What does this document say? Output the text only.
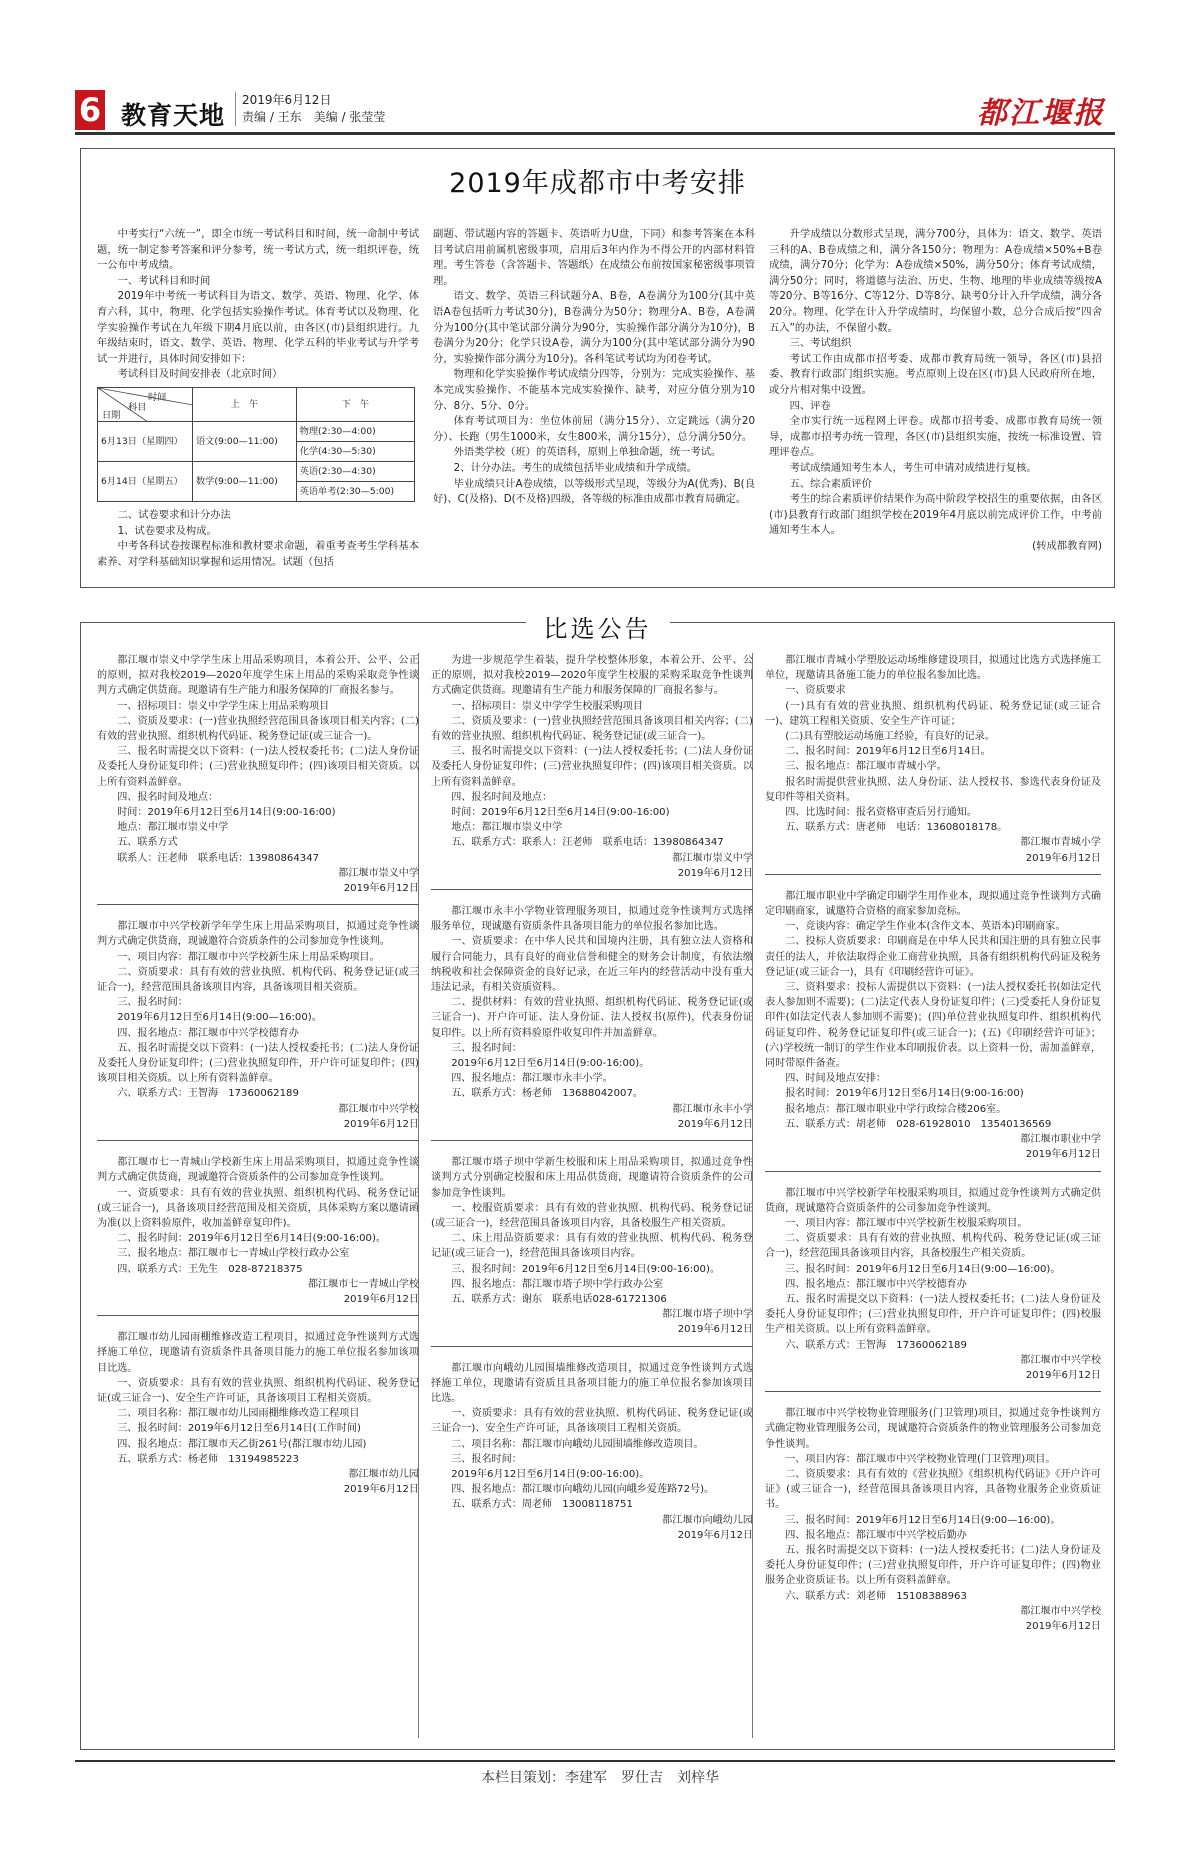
6 教育天地
2019年6月12日
责编 / 王东　美编 / 张莹莹	都江堰报
2019年成都市中考安排

中考实行“六统一”，即全市统一考试科目和时间，统一命制中考试题，统一制定参考答案和评分参考，统一考试方式，统一组织评卷，统一公布中考成绩。

一、考试科目和时间

2019年中考统一考试科目为语文、数学、英语、物理、化学、体育六科，其中，物理、化学包括实验操作考试。体育考试以及物理、化学实验操作考试在九年级下期4月底以前，由各区(市)县组织进行。九年级结束时，语文、数学、英语、物理、化学五科的毕业考试与升学考试一并进行，具体时间安排如下：

考试科目及时间安排表（北京时间）

时间
科目
日期	上　午	下　午
6月13日（星期四）	语文(9:00—11:00)	物理(2:30—4:00)
		化学(4:30—5:30)
6月14日（星期五）	数学(9:00—11:00)	英语(2:30—4:30)
		英语单考(2:30—5:00)

二、试卷要求和计分办法

1、试卷要求及构成。

中考各科试卷按课程标准和教材要求命题，着重考查考生学科基本素养、对学科基础知识掌握和运用情况。试题（包括

副题、带试题内容的答题卡、英语听力U盘，下同）和参考答案在本科目考试启用前属机密级事项，启用后3年内作为不得公开的内部材料管理。考生答卷（含答题卡、答题纸）在成绩公布前按国家秘密级事项管理。

语文、数学、英语三科试题分A、B卷，A卷满分为100分(其中英语A卷包括听力考试30分)，B卷满分为50分；物理分A、B卷，A卷满分为100分(其中笔试部分满分为90分，实验操作部分满分为10分)，B卷满分为20分；化学只设A卷，满分为100分(其中笔试部分满分为90分，实验操作部分满分为10分)。各科笔试考试均为闭卷考试。

物理和化学实验操作考试成绩分四等，分别为：完成实验操作、基本完成实验操作、不能基本完成实验操作、缺考，对应分值分别为10分、8分、5分、0分。

体育考试项目为：坐位体前屈（满分15分）、立定跳远（满分20分）、长跑（男生1000米，女生800米，满分15分），总分满分50分。

外语类学校（班）的英语科，原则上单独命题，统一考试。

2、计分办法。考生的成绩包括毕业成绩和升学成绩。

毕业成绩只计A卷成绩，以等级形式呈现，等级分为A(优秀)、B(良好)、C(及格)、D(不及格)四级，各等级的标准由成都市教育局确定。

升学成绩以分数形式呈现，满分700分，具体为：语文、数学、英语三科的A、B卷成绩之和，满分各150分；物理为：A卷成绩×50%+B卷成绩，满分70分；化学为：A卷成绩×50%，满分50分；体育考试成绩，满分50分；同时，将道德与法治、历史、生物、地理的毕业成绩等级按A等20分、B等16分、C等12分、D等8分、缺考0分计入升学成绩，满分各20分。物理、化学在计入升学成绩时，均保留小数，总分合成后按“四舍五入”的办法，不保留小数。

三、考试组织

考试工作由成都市招考委、成都市教育局统一领导，各区(市)县招委、教育行政部门组织实施。考点原则上设在区(市)县人民政府所在地，或分片相对集中设置。

四、评卷

全市实行统一远程网上评卷。成都市招考委、成都市教育局统一领导，成都市招考办统一管理，各区(市)县组织实施，按统一标准设置、管理评卷点。

考试成绩通知考生本人，考生可申请对成绩进行复核。

五、综合素质评价

考生的综合素质评价结果作为高中阶段学校招生的重要依据，由各区(市)县教育行政部门组织学校在2019年4月底以前完成评价工作，中考前通知考生本人。

(转成都教育网)

比选公告

都江堰市崇义中学学生床上用品采购项目，本着公开、公平、公正的原则，拟对我校2019—2020年度学生床上用品的采购采取竞争性谈判方式确定供货商。现邀请有生产能力和服务保障的厂商报名参与。

一、招标项目：崇义中学学生床上用品采购项目

二、资质及要求：(一)营业执照经营范围具备该项目相关内容；(二)有效的营业执照、组织机构代码证、税务登记证(或三证合一)。

三、报名时需提交以下资料：(一)法人授权委托书；(二)法人身份证及委托人身份证复印件；(三)营业执照复印件；(四)该项目相关资质。以上所有资料盖鲜章。

四、报名时间及地点：

时间：2019年6月12日至6月14日(9:00-16:00)

地点：都江堰市崇义中学

五、联系方式

联系人：汪老师　联系电话：13980864347

都江堰市崇义中学

2019年6月12日

都江堰市中兴学校新学年学生床上用品采购项目，拟通过竞争性谈判方式确定供货商，现诚邀符合资质条件的公司参加竞争性谈判。

一、项目内容：都江堰市中兴学校新生床上用品采购项目。

二、资质要求：具有有效的营业执照、机构代码、税务登记证(或三证合一)，经营范围具备该项目内容，具备该项目相关资质。

三、报名时间：

2019年6月12日至6月14日(9:00—16:00)。

四、报名地点：都江堰市中兴学校德育办

五、报名时需提交以下资料：(一)法人授权委托书；(二)法人身份证及委托人身份证复印件；(三)营业执照复印件，开户许可证复印件；(四)该项目相关资质。以上所有资料盖鲜章。

六、联系方式：王智海　17360062189

都江堰市中兴学校

2019年6月12日

都江堰市七一青城山学校新生床上用品采购项目，拟通过竞争性谈判方式确定供货商，现诚邀符合资质条件的公司参加竞争性谈判。

一、资质要求：具有有效的营业执照、组织机构代码、税务登记证(或三证合一)，具备该项目经营范围及相关资质，具体采购方案以邀请函为准(以上资料验原件，收加盖鲜章复印件)。

二、报名时间：2019年6月12日至6月14日(9:00-16:00)。

三、报名地点：都江堰市七一青城山学校行政办公室

四、联系方式：王先生　028-87218375

都江堰市七一青城山学校

2019年6月12日

都江堰市幼儿园雨棚维修改造工程项目，拟通过竞争性谈判方式选择施工单位，现邀请有资质条件具备项目能力的施工单位报名参加该项目比选。

一、资质要求：具有有效的营业执照、组织机构代码证、税务登记证(或三证合一)、安全生产许可证，具备该项目工程相关资质。

二、项目名称：都江堰市幼儿园雨棚维修改造工程项目

三、报名时间：2019年6月12日至6月14日(工作时间)

四、报名地点：都江堰市天乙街261号(都江堰市幼儿园)

五、联系方式：杨老师　13194985223

都江堰市幼儿园

2019年6月12日

为进一步规范学生着装，提升学校整体形象，本着公开、公平、公正的原则，拟对我校2019—2020年度学生校服的采购采取竞争性谈判方式确定供货商。现邀请有生产能力和服务保障的厂商报名参与。

一、招标项目：崇义中学学生校服采购项目

二、资质及要求：(一)营业执照经营范围具备该项目相关内容；(二)有效的营业执照、组织机构代码证、税务登记证(或三证合一)。

三、报名时需提交以下资料：(一)法人授权委托书；(二)法人身份证及委托人身份证复印件；(三)营业执照复印件；(四)该项目相关资质。以上所有资料盖鲜章。

四、报名时间及地点：

时间：2019年6月12日至6月14日(9:00-16:00)

地点：都江堰市崇义中学

五、联系方式：联系人：汪老师　联系电话：13980864347

都江堰市崇义中学

2019年6月12日

都江堰市永丰小学物业管理服务项目，拟通过竞争性谈判方式选择服务单位，现诚邀有资质条件具备项目能力的单位报名参加比选。

一、资质要求：在中华人民共和国境内注册，具有独立法人资格和履行合同能力，具有良好的商业信誉和健全的财务会计制度，有依法缴纳税收和社会保障资金的良好记录，在近三年内的经营活动中没有重大违法记录，有相关资质资料。

二、提供材料：有效的营业执照、组织机构代码证、税务登记证(或三证合一)、开户许可证、法人身份证、法人授权书(原件)，代表身份证复印件。以上所有资料验原件收复印件并加盖鲜章。

三、报名时间：

2019年6月12日至6月14日(9:00-16:00)。

四、报名地点：都江堰市永丰小学。

五、联系方式：杨老师　13688042007。

都江堰市永丰小学

2019年6月12日

都江堰市塔子坝中学新生校服和床上用品采购项目，拟通过竞争性谈判方式分别确定校服和床上用品供货商，现邀请符合资质条件的公司参加竞争性谈判。

一、校服资质要求：具有有效的营业执照、机构代码、税务登记证(或三证合一)，经营范围具备该项目内容，具备校服生产相关资质。

二、床上用品资质要求：具有有效的营业执照、机构代码、税务登记证(或三证合一)，经营范围具备该项目内容。

三、报名时间：2019年6月12日至6月14日(9:00-16:00)。

四、报名地点：都江堰市塔子坝中学行政办公室

五、联系方式：谢东　联系电话028-61721306

都江堰市塔子坝中学

2019年6月12日

都江堰市向峨幼儿园围墙维修改造项目，拟通过竞争性谈判方式选择施工单位，现邀请有资质且具备项目能力的施工单位报名参加该项目比选。

一、资质要求：具有有效的营业执照、机构代码证、税务登记证(或三证合一)、安全生产许可证，具备该项目工程相关资质。

二、项目名称：都江堰市向峨幼儿园围墙维修改造项目。

三、报名时间：

2019年6月12日至6月14日(9:00-16:00)。

四、报名地点：都江堰市向峨幼儿园(向峨乡爱莲路72号)。

五、联系方式：周老师　13008118751

都江堰市向峨幼儿园

2019年6月12日

都江堰市青城小学塑胶运动场维修建设项目，拟通过比选方式选择施工单位，现邀请具备施工能力的单位报名参加比选。

一、资质要求

(一)具有有效的营业执照、组织机构代码证、税务登记证(或三证合一)、建筑工程相关资质、安全生产许可证；

(二)具有塑胶运动场施工经验，有良好的记录。

二、报名时间：2019年6月12日至6月14日。

三、报名地点：都江堰市青城小学。

报名时需提供营业执照、法人身份证、法人授权书、参选代表身份证及复印件等相关资料。

四、比选时间：报名资格审查后另行通知。

五、联系方式：唐老师　电话：13608018178。

都江堰市青城小学

2019年6月12日

都江堰市职业中学确定印刷学生用作业本，现拟通过竞争性谈判方式确定印刷商家，诚邀符合资格的商家参加竞标。

一、竞谈内容：确定学生作业本(含作文本、英语本)印刷商家。

二、投标人资质要求：印刷商是在中华人民共和国注册的具有独立民事责任的法人，并依法取得企业工商营业执照，具备有组织机构代码证及税务登记证(或三证合一)，具有《印刷经营许可证》。

三、资料要求：投标人需提供以下资料：(一)法人授权委托书(如法定代表人参加则不需要)；(二)法定代表人身份证复印件；(三)受委托人身份证复印件(如法定代表人参加则不需要)；(四)单位营业执照复印件、组织机构代码证复印件、税务登记证复印件(或三证合一)；(五)《印刷经营许可证》；(六)学校统一制订的学生作业本印刷报价表。以上资料一份，需加盖鲜章，同时带原件备查。

四、时间及地点安排：

报名时间：2019年6月12日至6月14日(9:00-16:00)

报名地点：都江堰市职业中学行政综合楼206室。

五、联系方式：胡老师　028-61928010　13540136569

都江堰市职业中学

2019年6月12日

都江堰市中兴学校新学年校服采购项目，拟通过竞争性谈判方式确定供货商，现诚邀符合资质条件的公司参加竞争性谈判。

一、项目内容：都江堰市中兴学校新生校服采购项目。

二、资质要求：具有有效的营业执照、机构代码、税务登记证(或三证合一)，经营范围具备该项目内容，具备校服生产相关资质。

三、报名时间：2019年6月12日至6月14日(9:00—16:00)。

四、报名地点：都江堰市中兴学校德育办

五、报名时需提交以下资料：(一)法人授权委托书；(二)法人身份证及委托人身份证复印件；(三)营业执照复印件，开户许可证复印件；(四)校服生产相关资质。以上所有资料盖鲜章。

六、联系方式：王智海　17360062189

都江堰市中兴学校

2019年6月12日

都江堰市中兴学校物业管理服务(门卫管理)项目，拟通过竞争性谈判方式确定物业管理服务公司，现诚邀符合资质条件的物业管理服务公司参加竞争性谈判。

一、项目内容：都江堰市中兴学校物业管理(门卫管理)项目。

二、资质要求：具有有效的《营业执照》《组织机构代码证》《开户许可证》(或三证合一)，经营范围具备该项目内容，具备物业服务企业资质证书。

三、报名时间：2019年6月12日至6月14日(9:00—16:00)。

四、报名地点：都江堰市中兴学校后勤办

五、报名时需提交以下资料：(一)法人授权委托书；(二)法人身份证及委托人身份证复印件；(三)营业执照复印件，开户许可证复印件；(四)物业服务企业资质证书。以上所有资料盖鲜章。

六、联系方式：刘老师　15108388963

都江堰市中兴学校

2019年6月12日

本栏目策划：李建军　罗仕吉　刘梓华
